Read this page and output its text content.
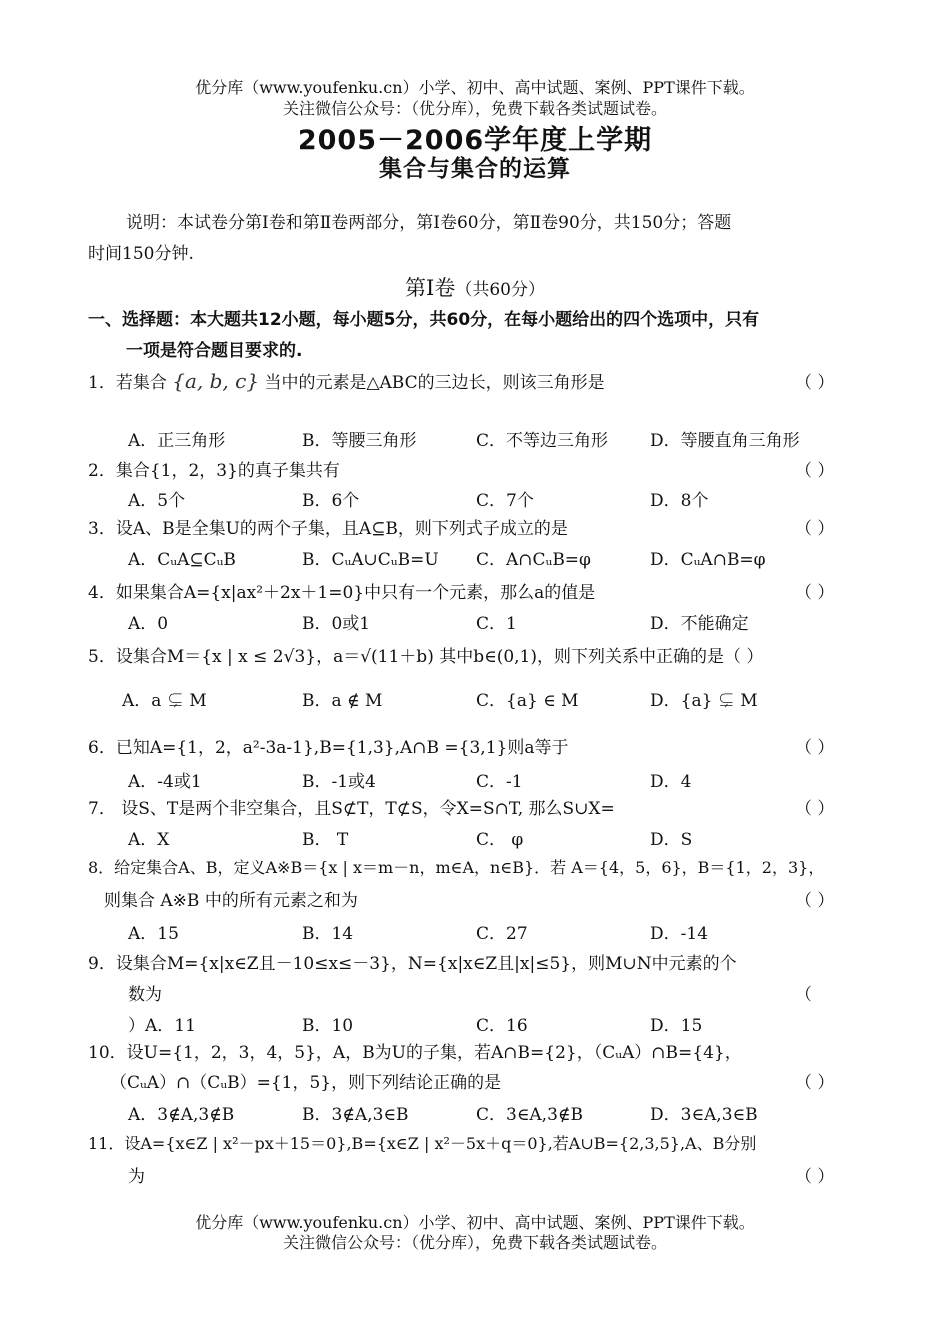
优分库（www.youfenku.cn）小学、初中、高中试题、案例、PPT课件下载。
关注微信公众号：（优分库），免费下载各类试题试卷。
2005－2006学年度上学期
集合与集合的运算
说明：本试卷分第Ⅰ卷和第Ⅱ卷两部分，第Ⅰ卷60分，第Ⅱ卷90分，共150分；答题
时间150分钟.
第Ⅰ卷（共60分）
一、选择题：本大题共12小题，每小题5分，共60分，在每小题给出的四个选项中，只有
一项是符合题目要求的.
1．若集合 {a, b, c} 当中的元素是△ABC的三边长，则该三角形是	（ ）
A．正三角形	B．等腰三角形	C．不等边三角形 D．等腰直角三角形
2．集合{1，2，3}的真子集共有	（ ）
A．5个	B．6个	C．7个	D．8个
3．设A、B是全集U的两个子集，且A⊆B，则下列式子成立的是	（ ）
A．CᵤA⊆CᵤB	B．CᵤA∪CᵤB=U C．A∩CᵤB=φ	D．CᵤA∩B=φ
4．如果集合A={x|ax²＋2x＋1=0}中只有一个元素，那么a的值是	（ ）
A．0	B．0或1	C．1	D．不能确定
5．设集合M＝{x | x ≤ 2√3}，a＝√(11＋b) 其中b∈(0,1)，则下列关系中正确的是（ ）
A．a ⊊ M	B．a ∉ M	C．{a} ∈ M	D．{a} ⊊ M
6．已知A={1，2，a²-3a-1},B={1,3},A∩B ={3,1}则a等于	（ ）
A．-4或1	B．-1或4	C．-1	D．4
7． 设S、T是两个非空集合，且S⊄T，T⊄S，令X=S∩T, 那么S∪X=	（ ）
A．X	B． T	C． φ	D．S
8．给定集合A、B，定义A※B＝{x | x＝m－n，m∈A，n∈B}．若 A＝{4，5，6}，B＝{1，2，3}，
则集合 A※B 中的所有元素之和为	（ ）
A．15	B．14	C．27	D．-14
9．设集合M={x|x∈Z且－10≤x≤－3}，N={x|x∈Z且|x|≤5}，则M∪N中元素的个
数为	（
）A．11	B．10	C．16	D．15
10．设U={1，2，3，4，5}，A，B为U的子集，若A∩B={2}，（CᵤA）∩B={4}，
（CᵤA）∩（CᵤB）={1，5}，则下列结论正确的是	（ ）
A．3∉A,3∉B	B．3∉A,3∈B	C．3∈A,3∉B	D．3∈A,3∈B
11．设A={x∈Z | x²－px＋15＝0},B={x∈Z | x²－5x＋q＝0},若A∪B={2,3,5},A、B分别
为	（ ）
优分库（www.youfenku.cn）小学、初中、高中试题、案例、PPT课件下载。
关注微信公众号：（优分库），免费下载各类试题试卷。
